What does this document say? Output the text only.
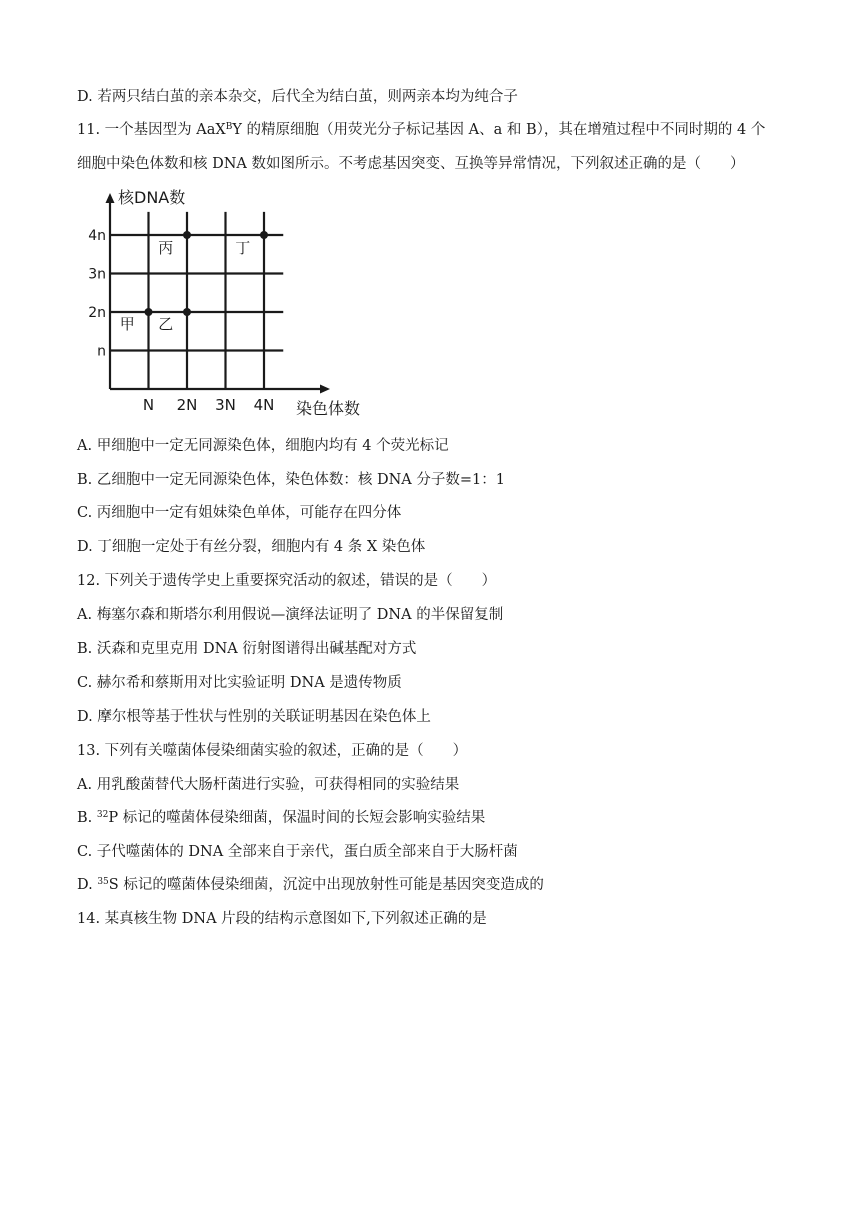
D. 若两只结白茧的亲本杂交，后代全为结白茧，则两亲本均为纯合子
11. 一个基因型为 AaX$^B$Y 的精原细胞（用荧光分子标记基因 A、a 和 B），其在增殖过程中不同时期的 4 个
细胞中染色体数和核 DNA 数如图所示。不考虑基因突变、互换等异常情况，下列叙述正确的是（　　）
n
2n
3n
4n
N 2N 3N 4N
甲 乙
丙	丁
核DNA数
染色体数
A. 甲细胞中一定无同源染色体，细胞内均有 4 个荧光标记
B. 乙细胞中一定无同源染色体，染色体数：核 DNA 分子数=1：1
C. 丙细胞中一定有姐妹染色单体，可能存在四分体
D. 丁细胞一定处于有丝分裂，细胞内有 4 条 X 染色体
12. 下列关于遗传学史上重要探究活动的叙述，错误的是（　　）
A. 梅塞尔森和斯塔尔利用假说—演绎法证明了 DNA 的半保留复制
B. 沃森和克里克用 DNA 衍射图谱得出碱基配对方式
C. 赫尔希和蔡斯用对比实验证明 DNA 是遗传物质
D. 摩尔根等基于性状与性别的关联证明基因在染色体上
13. 下列有关噬菌体侵染细菌实验的叙述，正确的是（　　）
A. 用乳酸菌替代大肠杆菌进行实验，可获得相同的实验结果
B. $^{32}$P 标记的噬菌体侵染细菌，保温时间的长短会影响实验结果
C. 子代噬菌体的 DNA 全部来自于亲代，蛋白质全部来自于大肠杆菌
D. $^{35}$S 标记的噬菌体侵染细菌，沉淀中出现放射性可能是基因突变造成的
14. 某真核生物 DNA 片段的结构示意图如下,下列叙述正确的是
